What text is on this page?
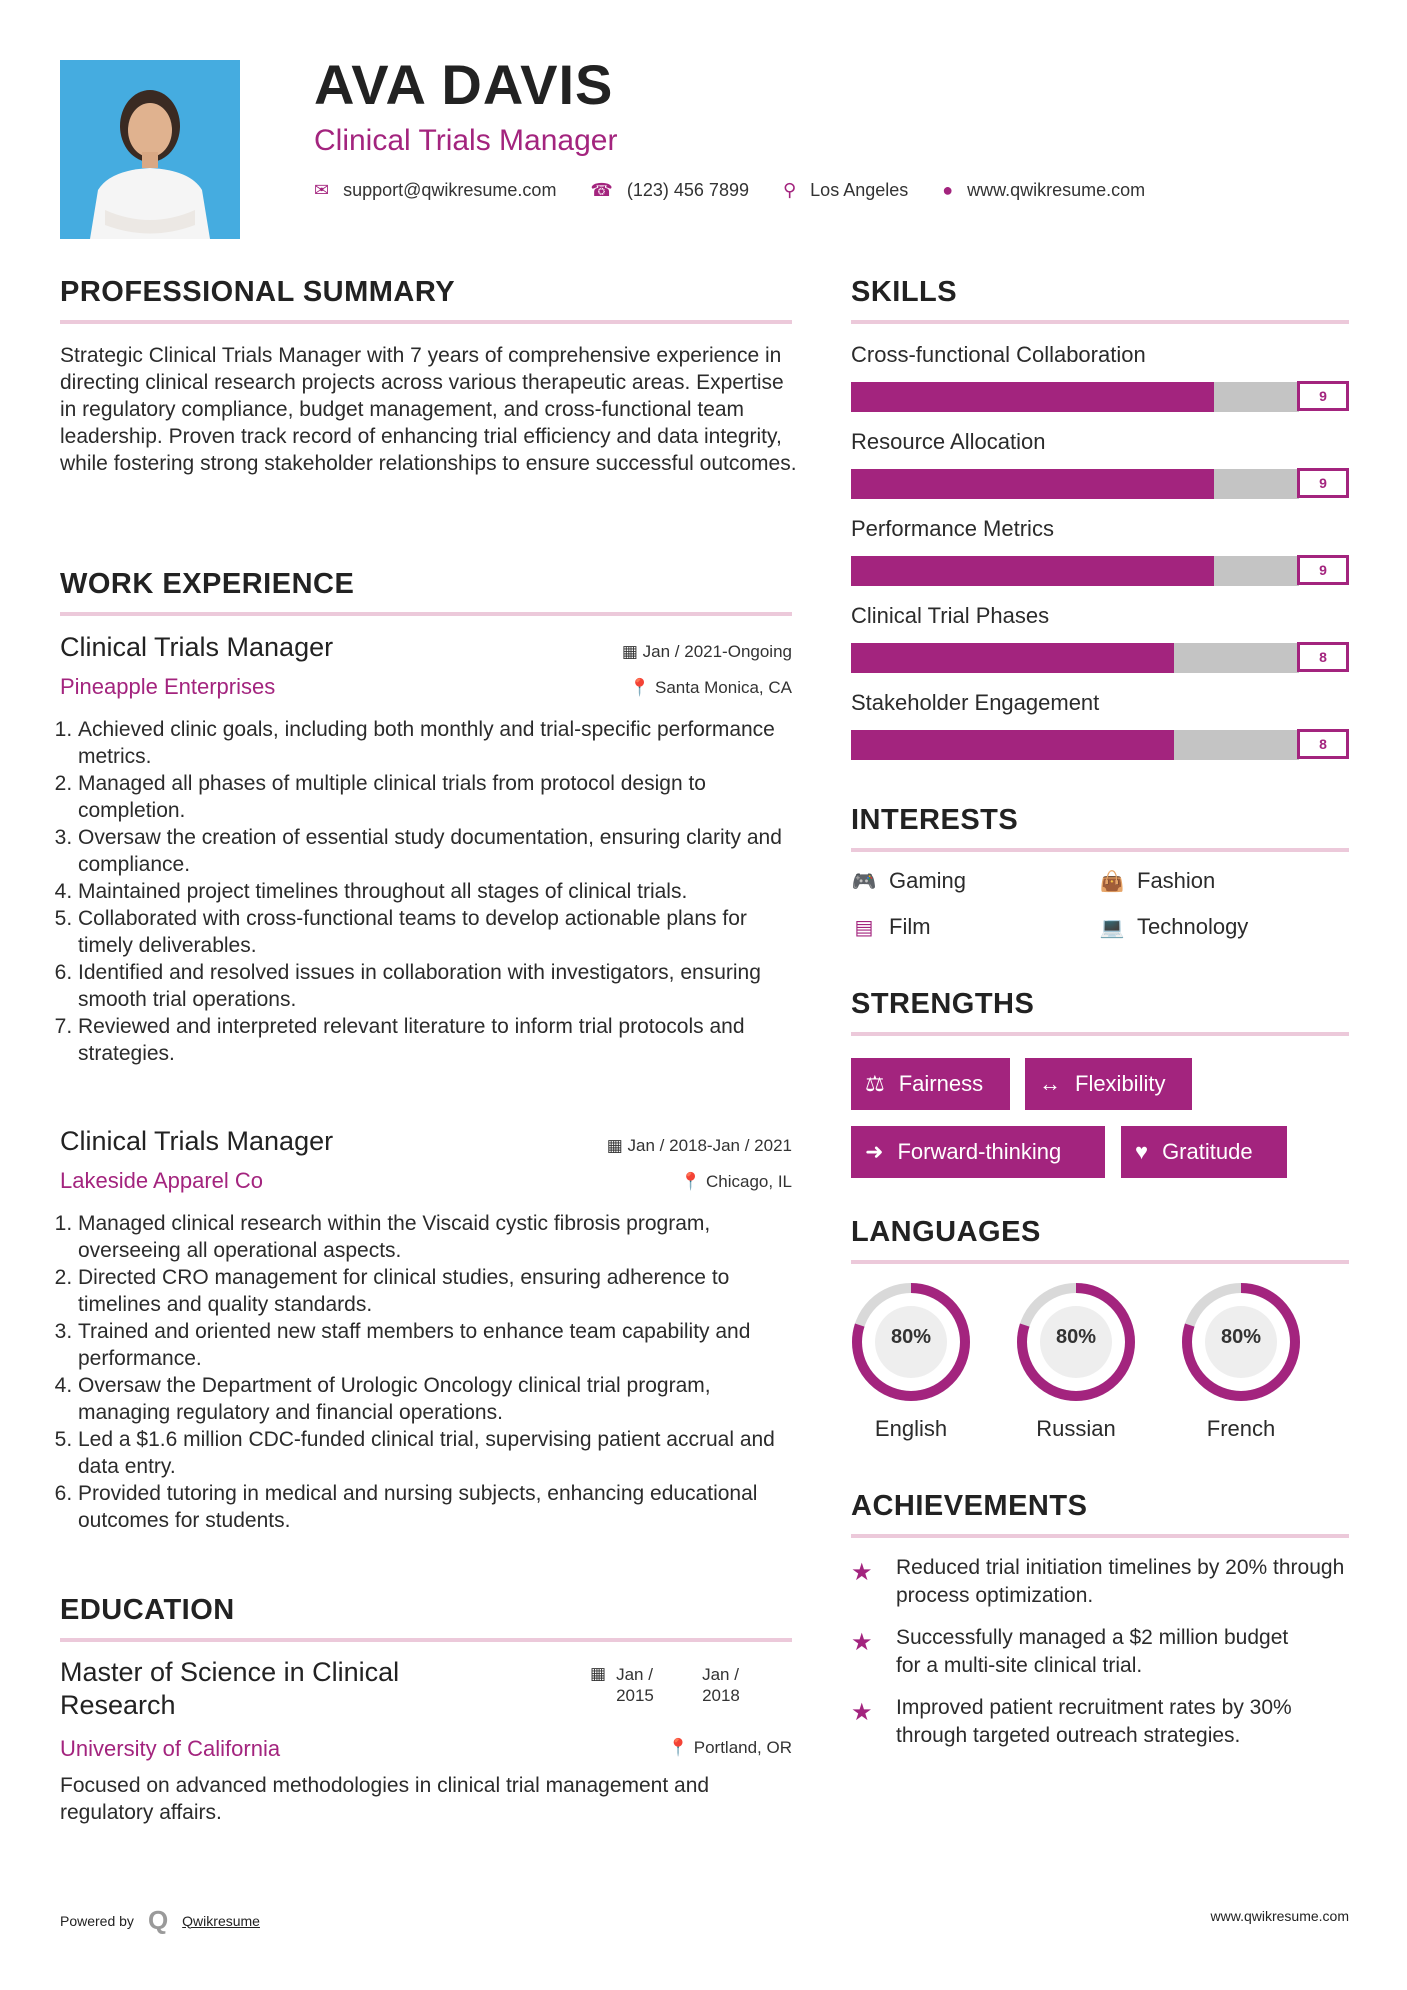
AVA DAVIS
Clinical Trials Manager
✉ support@qwikresume.com ☎ (123) 456 7899 ⚲ Los Angeles ● www.qwikresume.com
PROFESSIONAL SUMMARY
Strategic Clinical Trials Manager with 7 years of comprehensive experience in directing clinical research projects across various therapeutic areas. Expertise in regulatory compliance, budget management, and cross-functional team leadership. Proven track record of enhancing trial efficiency and data integrity, while fostering strong stakeholder relationships to ensure successful outcomes.
WORK EXPERIENCE
Clinical Trials Manager	▦ Jan / 2021-Ongoing
Pineapple Enterprises	📍 Santa Monica, CA
1. Achieved clinic goals, including both monthly and trial-specific performance metrics.
2. Managed all phases of multiple clinical trials from protocol design to completion.
3. Oversaw the creation of essential study documentation, ensuring clarity and compliance.
4. Maintained project timelines throughout all stages of clinical trials.
5. Collaborated with cross-functional teams to develop actionable plans for timely deliverables.
6. Identified and resolved issues in collaboration with investigators, ensuring smooth trial operations.
7. Reviewed and interpreted relevant literature to inform trial protocols and strategies.
Clinical Trials Manager	▦ Jan / 2018-Jan / 2021
Lakeside Apparel Co	📍 Chicago, IL
1. Managed clinical research within the Viscaid cystic fibrosis program, overseeing all operational aspects.
2. Directed CRO management for clinical studies, ensuring adherence to timelines and quality standards.
3. Trained and oriented new staff members to enhance team capability and performance.
4. Oversaw the Department of Urologic Oncology clinical trial program, managing regulatory and financial operations.
5. Led a $1.6 million CDC-funded clinical trial, supervising patient accrual and data entry.
6. Provided tutoring in medical and nursing subjects, enhancing educational outcomes for students.
EDUCATION
Master of Science in Clinical Research
▦ Jan / 2015
Jan / 2018
University of California	📍 Portland, OR
Focused on advanced methodologies in clinical trial management and regulatory affairs.
SKILLS
Cross-functional Collaboration
9
Resource Allocation
9
Performance Metrics
9
Clinical Trial Phases
8
Stakeholder Engagement
8
INTERESTS
🎮 Gaming	👜 Fashion
▤ Film	💻 Technology
STRENGTHS
⚖ Fairness	↔ Flexibility
➜ Forward-thinking	♥ Gratitude
LANGUAGES
80%
English
80%
Russian
80%
French
ACHIEVEMENTS
★ Reduced trial initiation timelines by 20% through process optimization.
★ Successfully managed a $2 million budget for a multi-site clinical trial.
★ Improved patient recruitment rates by 30% through targeted outreach strategies.
Powered by Q Qwikresume	www.qwikresume.com
